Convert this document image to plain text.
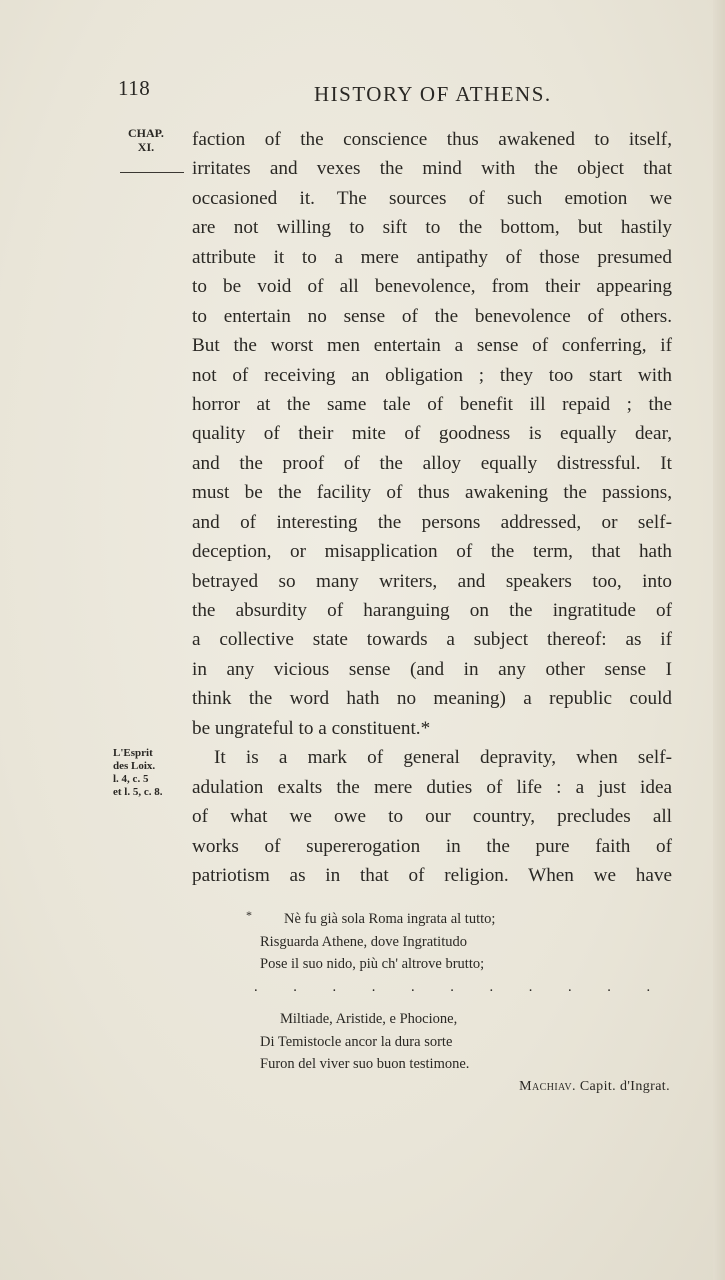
118	HISTORY OF ATHENS.
CHAP.
XI.
L'Esprit
des Loix.
l. 4, c. 5
et l. 5, c. 8.
faction of the conscience thus awakened to itself,
irritates and vexes the mind with the object that
occasioned it. The sources of such emotion we
are not willing to sift to the bottom, but hastily
attribute it to a mere antipathy of those presumed
to be void of all benevolence, from their appearing
to entertain no sense of the benevolence of others.
But the worst men entertain a sense of conferring, if
not of receiving an obligation ; they too start with
horror at the same tale of benefit ill repaid ; the
quality of their mite of goodness is equally dear,
and the proof of the alloy equally distressful. It
must be the facility of thus awakening the passions,
and of interesting the persons addressed, or self-
deception, or misapplication of the term, that hath
betrayed so many writers, and speakers too, into
the absurdity of haranguing on the ingratitude of
a collective state towards a subject thereof: as if
in any vicious sense (and in any other sense I
think the word hath no meaning) a republic could
be ungrateful to a constituent.*
It is a mark of general depravity, when self-
adulation exalts the mere duties of life : a just idea
of what we owe to our country, precludes all
works of supererogation in the pure faith of
patriotism as in that of religion. When we have
*	Nè fu già sola Roma ingrata al tutto;
Risguarda Athene, dove Ingratitudo
Pose il suo nido, più ch' altrove brutto;
. . . . . . . . . . .
Miltiade, Aristide, e Phocione,
Di Temistocle ancor la dura sorte
Furon del viver suo buon testimone.
Machiav. Capit. d'Ingrat.
